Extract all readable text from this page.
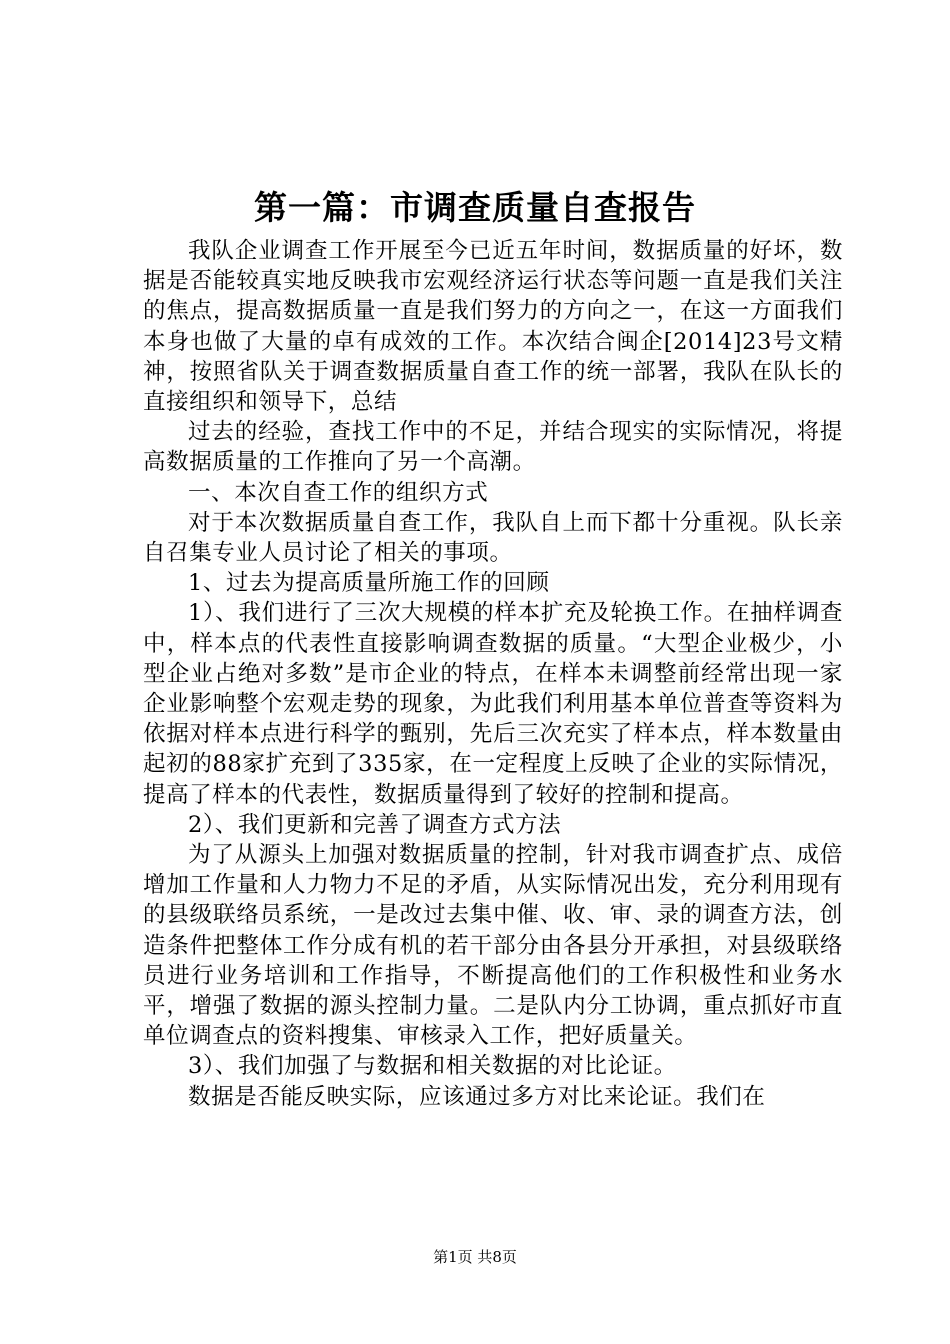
第一篇：市调查质量自查报告

我队企业调查工作开展至今已近五年时间，数据质量的好坏，数据是否能较真实地反映我市宏观经济运行状态等问题一直是我们关注的焦点，提高数据质量一直是我们努力的方向之一，在这一方面我们本身也做了大量的卓有成效的工作。本次结合闽企[2014]23号文精神，按照省队关于调查数据质量自查工作的统一部署，我队在队长的直接组织和领导下，总结

过去的经验，查找工作中的不足，并结合现实的实际情况，将提高数据质量的工作推向了另一个高潮。

一、本次自查工作的组织方式

对于本次数据质量自查工作，我队自上而下都十分重视。队长亲自召集专业人员讨论了相关的事项。

1、过去为提高质量所施工作的回顾

1）、我们进行了三次大规模的样本扩充及轮换工作。在抽样调查中，样本点的代表性直接影响调查数据的质量。“大型企业极少，小型企业占绝对多数”是市企业的特点，在样本未调整前经常出现一家企业影响整个宏观走势的现象，为此我们利用基本单位普查等资料为依据对样本点进行科学的甄别，先后三次充实了样本点，样本数量由起初的88家扩充到了335家，在一定程度上反映了企业的实际情况，提高了样本的代表性，数据质量得到了较好的控制和提高。

2）、我们更新和完善了调查方式方法

为了从源头上加强对数据质量的控制，针对我市调查扩点、成倍增加工作量和人力物力不足的矛盾，从实际情况出发，充分利用现有的县级联络员系统，一是改过去集中催、收、审、录的调查方法，创造条件把整体工作分成有机的若干部分由各县分开承担，对县级联络员进行业务培训和工作指导，不断提高他们的工作积极性和业务水平，增强了数据的源头控制力量。二是队内分工协调，重点抓好市直单位调查点的资料搜集、审核录入工作，把好质量关。

3）、我们加强了与数据和相关数据的对比论证。

数据是否能反映实际，应该通过多方对比来论证。我们在

第1页 共8页
